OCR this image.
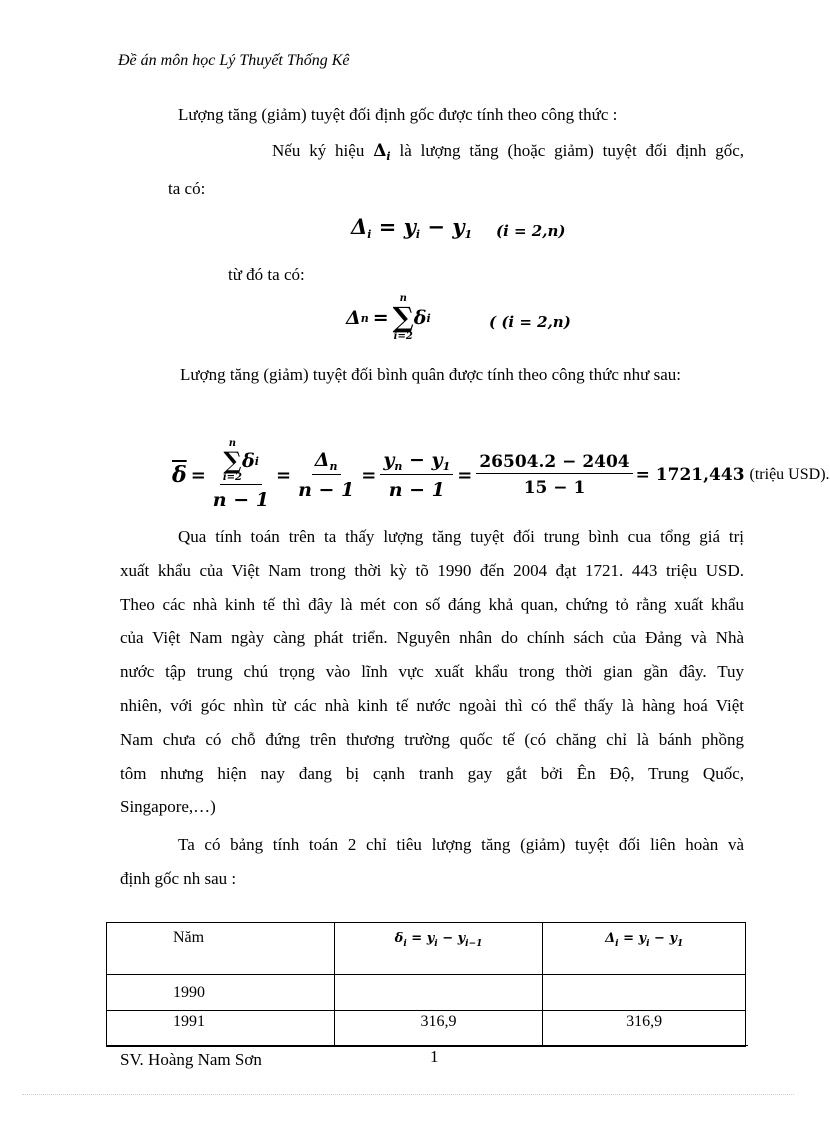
Đề án môn học Lý Thuyết Thống Kê
Lượng tăng (giảm) tuyệt đối định gốc được tính theo công thức :
Nếu ký hiệu $\Delta_i$ là lượng tăng (hoặc giảm) tuyệt đối định gốc,
ta có:
$\Delta_i = y_i - y_1$ (i = 2,n)
từ đó ta có:
Δ n =
n
∑
i=2
δ i	( (i = 2,n)
Lượng tăng (giảm) tuyệt đối bình quân được tính theo công thức như sau:
$\overline{\delta} = n$
∑
i=2
δ i
$n - 1 = \frac{\Delta_n}{n - 1} = \frac{y_n - y_1}{n - 1} = \frac{26504.2 - 2404}{15 - 1} = 1721,443$ (triệu USD).
Qua tính toán trên ta thấy lượng tăng tuyệt đối trung bình cua tổng giá trị
xuất khẩu của Việt Nam trong thời kỳ tõ 1990 đến 2004 đạt 1721. 443 triệu USD.
Theo các nhà kinh tế thì đây là mét con số đáng khả quan, chứng tỏ rằng xuất khẩu
của Việt Nam ngày càng phát triển. Nguyên nhân do chính sách của Đảng và Nhà
nước tập trung chú trọng vào lĩnh vực xuất khẩu trong thời gian gần đây. Tuy
nhiên, với góc nhìn từ các nhà kinh tế nước ngoài thì có thể thấy là hàng hoá Việt
Nam chưa có chỗ đứng trên thương trường quốc tế (có chăng chỉ là bánh phồng
tôm nhưng hiện nay đang bị cạnh tranh gay gắt bởi Ên Độ, Trung Quốc,
Singapore,…)
Ta có bảng tính toán 2 chỉ tiêu lượng tăng (giảm) tuyệt đối liên hoàn và
định gốc nh sau :
Năm	$\delta_i = y_i - y_{i-1}$	$\Delta_i = y_i - y_1$
1990		
1991	316,9	316,9
SV. Hoàng Nam Sơn	1
